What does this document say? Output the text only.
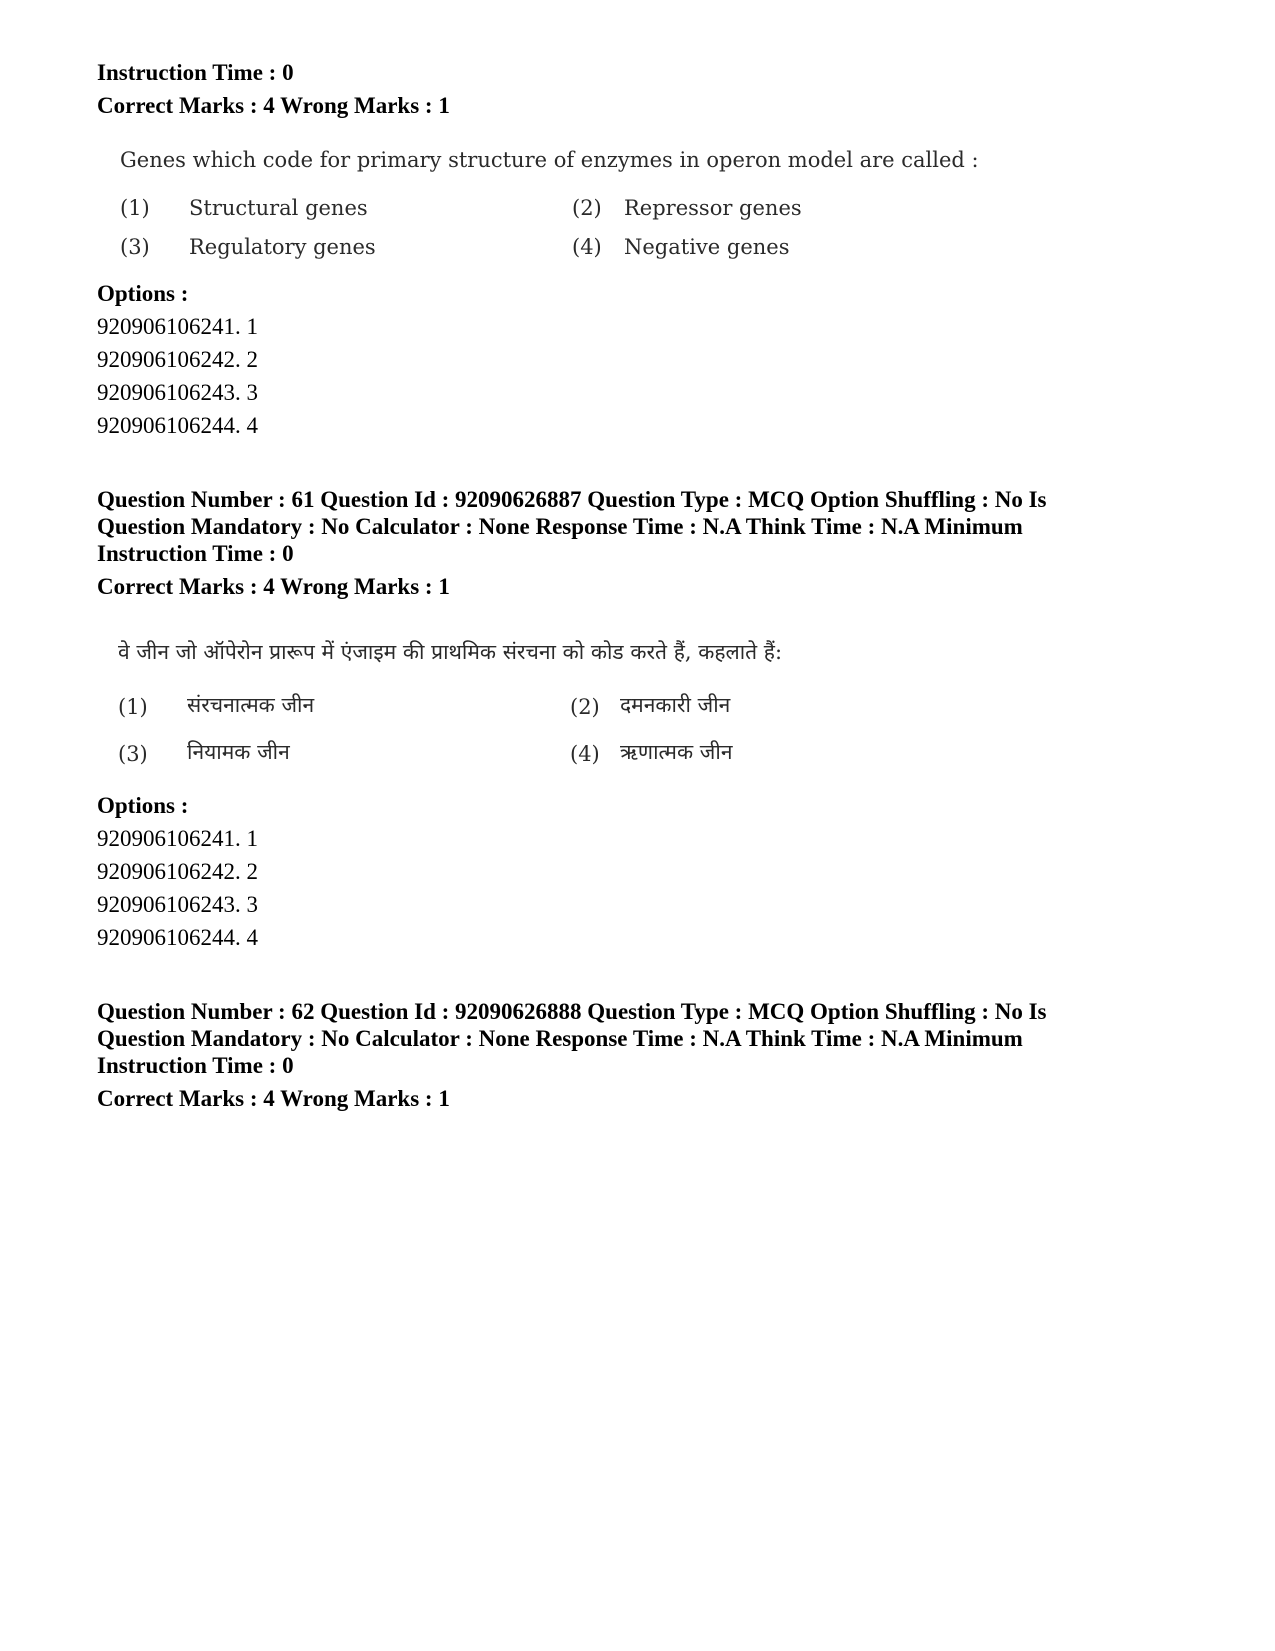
Instruction Time : 0
Correct Marks : 4 Wrong Marks : 1
Genes which code for primary structure of enzymes in operon model are called :
(1) Structural genes	(2) Repressor genes
(3) Regulatory genes	(4) Negative genes
Options :
920906106241. 1
920906106242. 2
920906106243. 3
920906106244. 4
Question Number : 61 Question Id : 92090626887 Question Type : MCQ Option Shuffling : No Is
Question Mandatory : No Calculator : None Response Time : N.A Think Time : N.A Minimum
Instruction Time : 0
Correct Marks : 4 Wrong Marks : 1
वे जीन जो ऑपेरोन प्रारूप में एंजाइम की प्राथमिक संरचना को कोड करते हैं, कहलाते हैं:
(1) संरचनात्मक जीन	(2) दमनकारी जीन
(3) नियामक जीन	(4) ऋणात्मक जीन
Options :
920906106241. 1
920906106242. 2
920906106243. 3
920906106244. 4
Question Number : 62 Question Id : 92090626888 Question Type : MCQ Option Shuffling : No Is
Question Mandatory : No Calculator : None Response Time : N.A Think Time : N.A Minimum
Instruction Time : 0
Correct Marks : 4 Wrong Marks : 1
